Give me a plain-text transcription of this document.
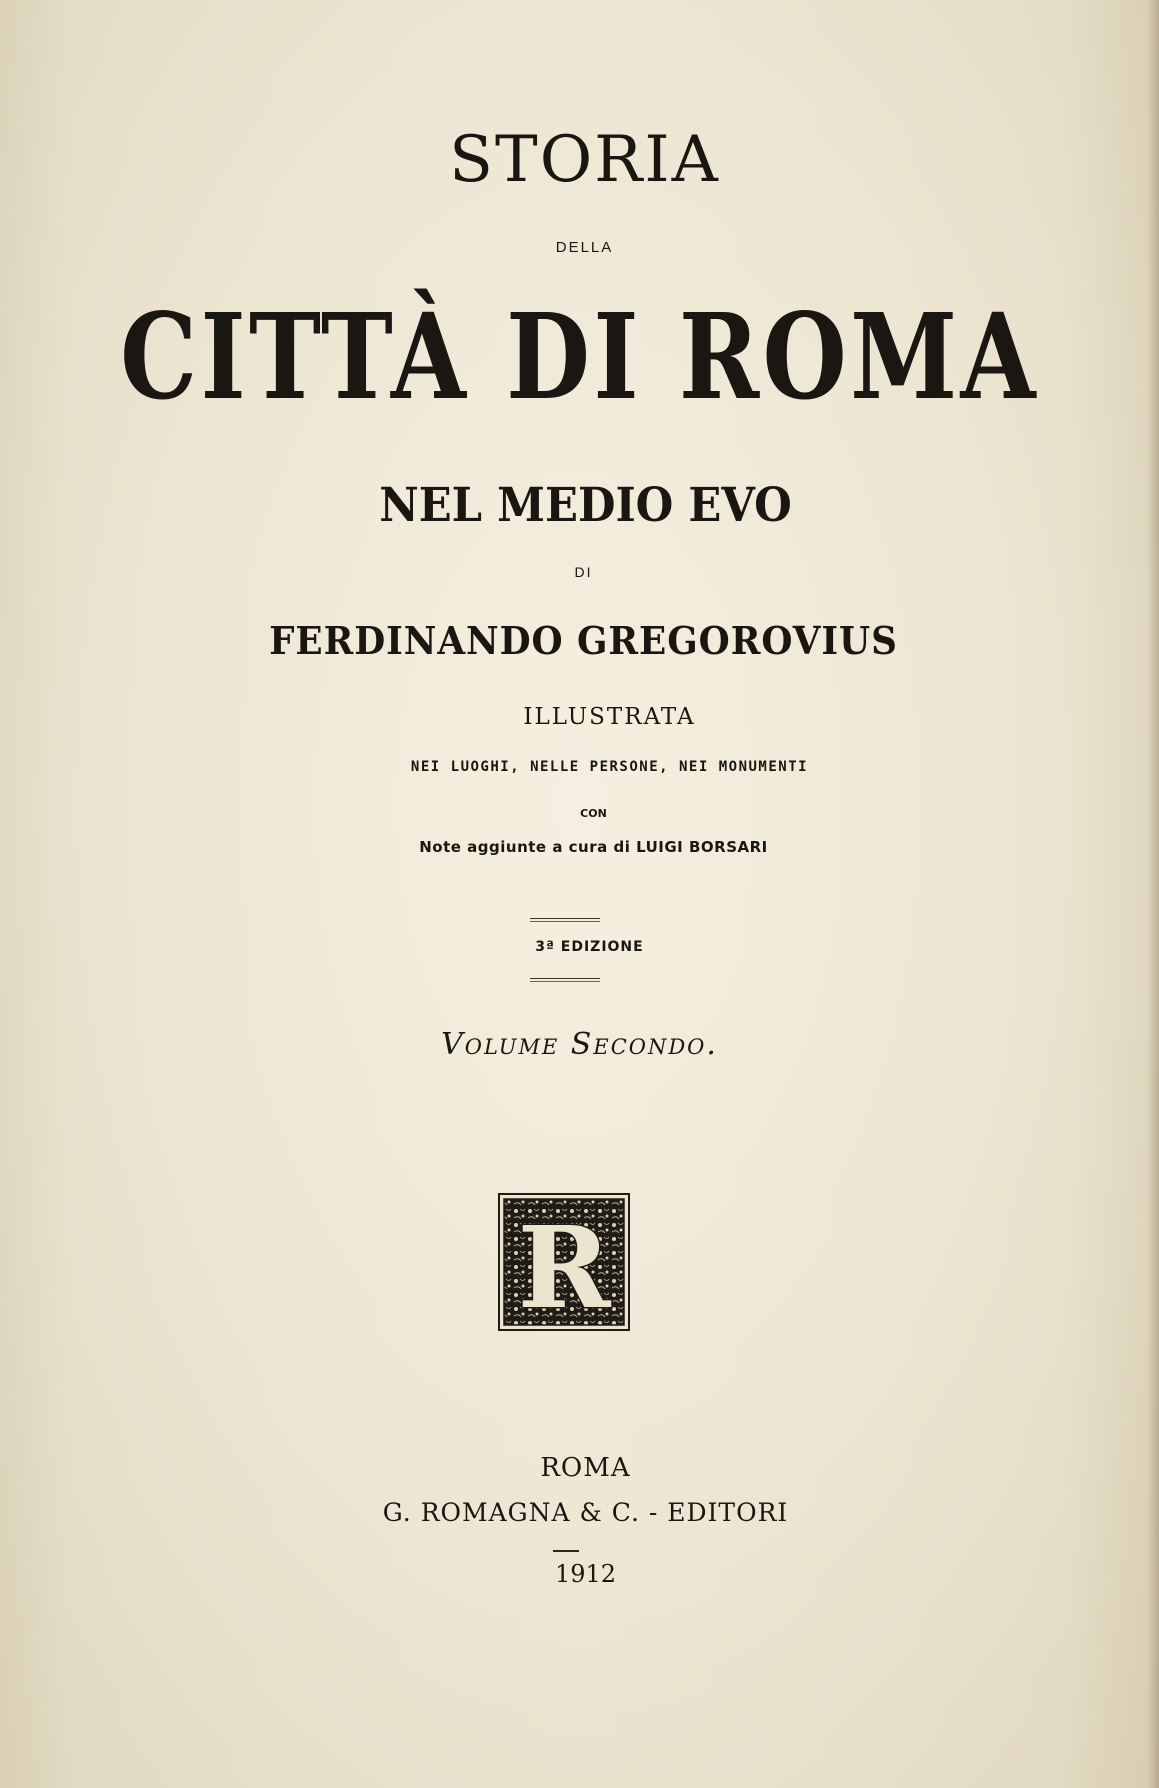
STORIA
DELLA
CITTÀ DI ROMA
NEL MEDIO EVO
DI
FERDINANDO GREGOROVIUS
ILLUSTRATA
NEI LUOGHI, NELLE PERSONE, NEI MONUMENTI
CON
Note aggiunte a cura di LUIGI BORSARI
3ª EDIZIONE
Volume Secondo.
R
ROMA
G. ROMAGNA & C. - EDITORI
1912
